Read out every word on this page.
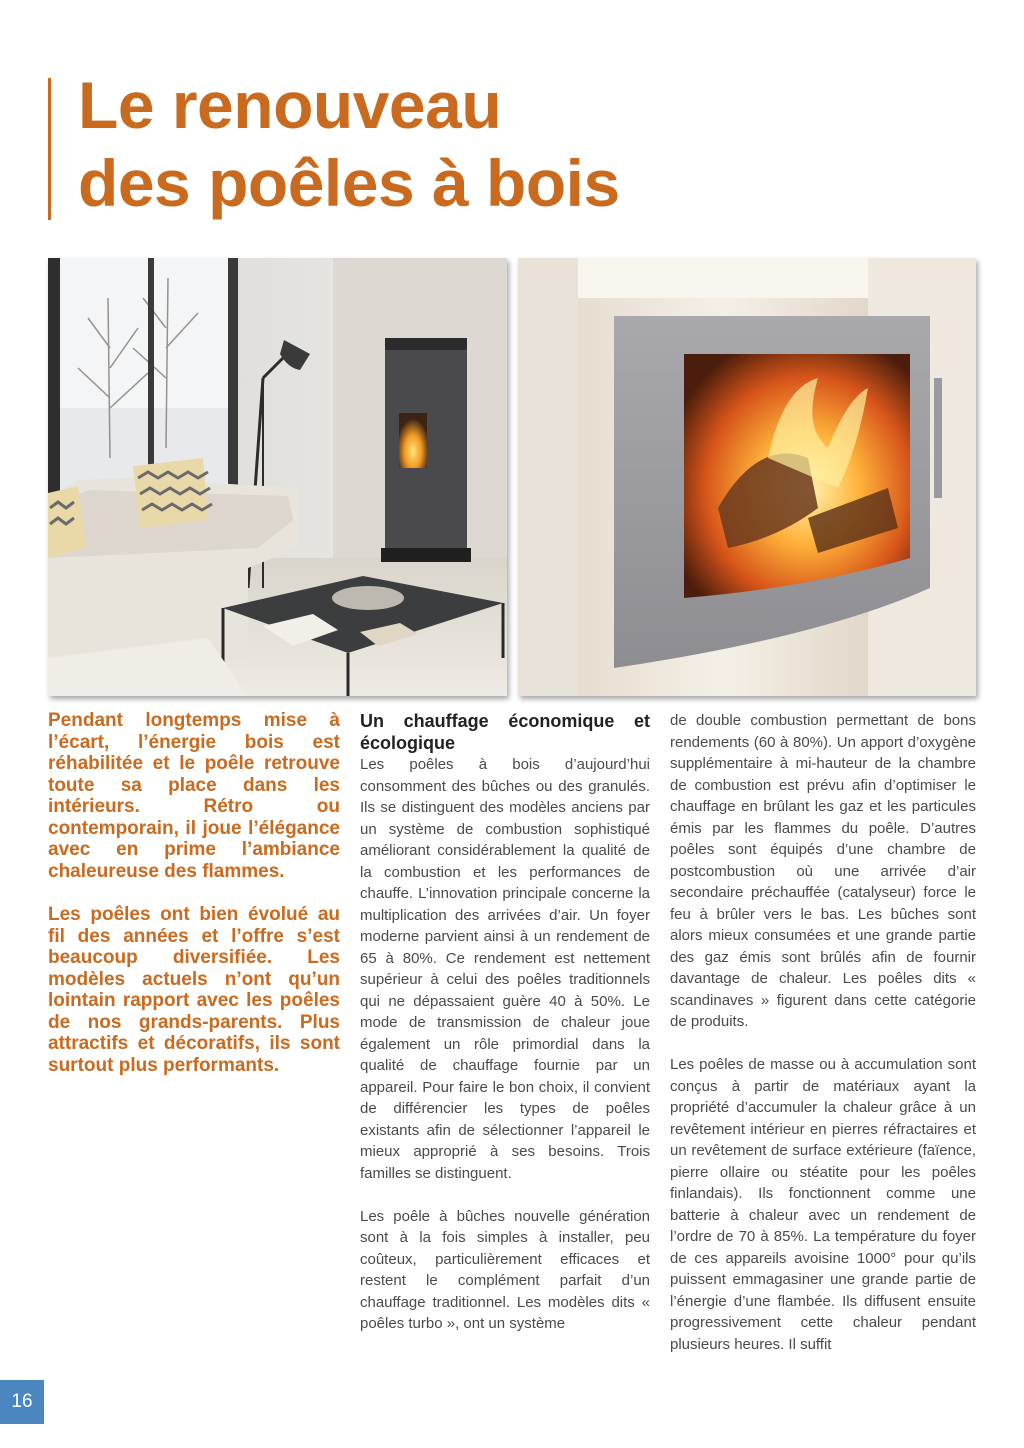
Le renouveau
des poêles à bois

Pendant longtemps mise à l’écart, l’énergie bois est réhabilitée et le poêle retrouve toute sa place dans les intérieurs. Rétro ou contemporain, il joue l’élégance avec en prime l’ambiance chaleureuse des flammes.

Les poêles ont bien évolué au fil des années et l’offre s’est beaucoup diversifiée. Les modèles actuels n’ont qu’un lointain rapport avec les poêles de nos grands-parents. Plus attractifs et décoratifs, ils sont surtout plus performants.

Un chauffage économique et écologique

Les poêles à bois d’aujourd’hui consomment des bûches ou des granulés. Ils se distinguent des modèles anciens par un système de combustion sophistiqué améliorant considérablement la qualité de la combustion et les performances de chauffe. L’innovation principale concerne la multiplication des arrivées d’air. Un foyer moderne parvient ainsi à un rendement de 65 à 80%. Ce rendement est nettement supérieur à celui des poêles traditionnels qui ne dépassaient guère 40 à 50%. Le mode de transmission de chaleur joue également un rôle primordial dans la qualité de chauffage fournie par un appareil. Pour faire le bon choix, il convient de différencier les types de poêles existants afin de sélectionner l’appareil le mieux approprié à ses besoins. Trois familles se distinguent.

Les poêle à bûches nouvelle génération sont à la fois simples à installer, peu coûteux, particulièrement efficaces et restent le complément parfait d’un chauffage traditionnel. Les modèles dits « poêles turbo », ont un système

de double combustion permettant de bons rendements (60 à 80%). Un apport d’oxygène supplémentaire à mi-hauteur de la chambre de combustion est prévu afin d’optimiser le chauffage en brûlant les gaz et les particules émis par les flammes du poêle. D’autres poêles sont équipés d’une chambre de postcombustion où une arrivée d’air secondaire préchauffée (catalyseur) force le feu à brûler vers le bas. Les bûches sont alors mieux consumées et une grande partie des gaz émis sont brûlés afin de fournir davantage de chaleur. Les poêles dits « scandinaves » figurent dans cette catégorie de produits.

Les poêles de masse ou à accumulation sont conçus à partir de matériaux ayant la propriété d’accumuler la chaleur grâce à un revêtement intérieur en pierres réfractaires et un revêtement de surface extérieure (faïence, pierre ollaire ou stéatite pour les poêles finlandais). Ils fonctionnent comme une batterie à chaleur avec un rendement de l’ordre de 70 à 85%. La température du foyer de ces appareils avoisine 1000° pour qu’ils puissent emmagasiner une grande partie de l’énergie d’une flambée. Ils diffusent ensuite progressivement cette chaleur pendant plusieurs heures. Il suffit

16
